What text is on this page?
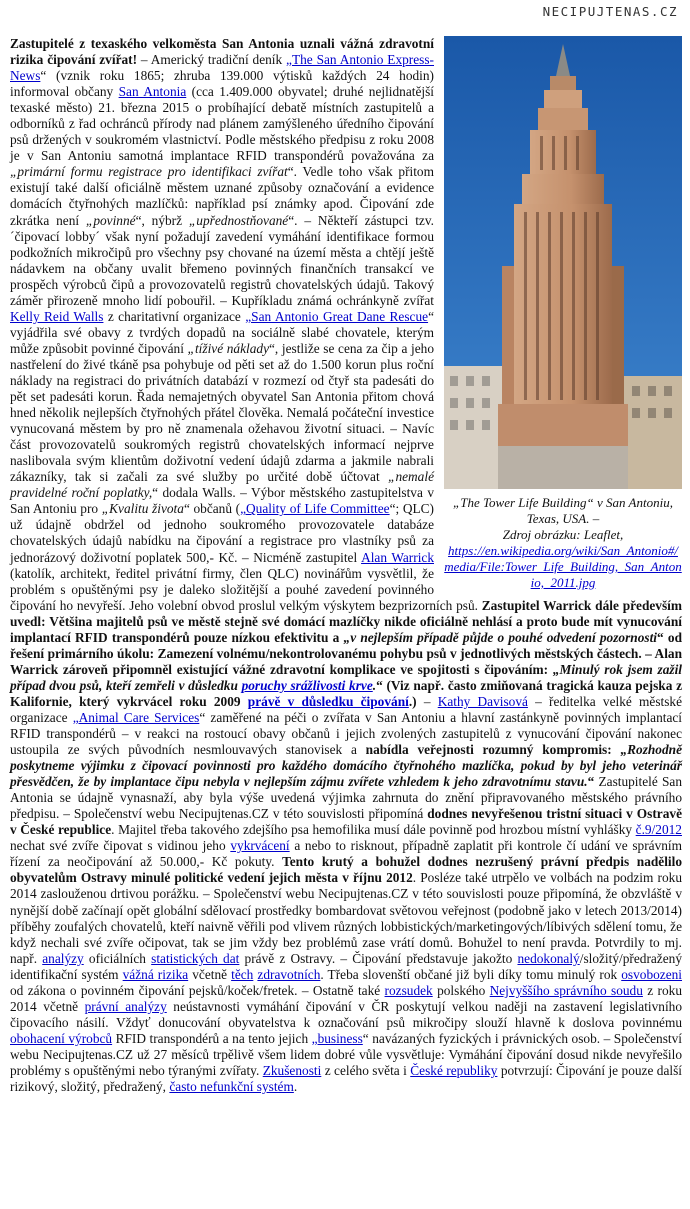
NECIPUJTENAS.CZ
„The Tower Life Building“ v San Antoniu, Texas, USA. –
Zdroj obrázku: Leaflet,
https://en.wikipedia.org/wiki/San_Antonio#/media/File:Tower_Life_Building,_San_Antonio,_2011.jpg

Zastupitelé z texaského velkoměsta San Antonia uznali vážná zdravotní rizika čipování zvířat! – Americký tradiční deník „The San Antonio Express-News“ (vznik roku 1865; zhruba 139.000 výtisků každých 24 hodin) informoval občany San Antonia (cca 1.409.000 obyvatel; druhé nejlidnatější texaské město) 21. března 2015 o probíhající debatě místních zastupitelů a odborníků z řad ochránců přírody nad plánem zamýšleného úředního čipování psů držených v soukromém vlastnictví. Podle městského předpisu z roku 2008 je v San Antoniu samotná implantace RFID transpondérů považována za „primární formu registrace pro identifikaci zvířat“. Vedle toho však přitom existují také další oficiálně městem uznané způsoby označování a evidence domácích čtyřnohých mazlíčků: například psí známky apod. Čipování zde zkrátka není „povinné“, nýbrž „upřednostňované“. – Někteří zástupci tzv. ´čipovací lobby´ však nyní požadují zavedení vymáhání identifikace formou podkožních mikročipů pro všechny psy chované na území města a chtějí ještě nádavkem na občany uvalit břemeno povinných finančních transakcí ve prospěch výrobců čipů a provozovatelů registrů chovatelských údajů. Takový záměr přirozeně mnoho lidí pobouřil. – Kupříkladu známá ochránkyně zvířat Kelly Reid Walls z charitativní organizace „San Antonio Great Dane Rescue“ vyjádřila své obavy z tvrdých dopadů na sociálně slabé chovatele, kterým může způsobit povinné čipování „tíživé náklady“, jestliže se cena za čip a jeho nastřelení do živé tkáně psa pohybuje od pěti set až do 1.500 korun plus roční náklady na registraci do privátních databází v rozmezí od čtyř sta padesáti do pět set padesáti korun. Řada nemajetných obyvatel San Antonia přitom chová hned několik nejlepších čtyřnohých přátel člověka. Nemalá počáteční investice vynucovaná městem by pro ně znamenala ožehavou životní situaci. – Navíc část provozovatelů soukromých registrů chovatelských informací nejprve naslibovala svým klientům doživotní vedení údajů zdarma a jakmile nabrali zákazníky, tak si začali za své služby po určité době účtovat „nemalé pravidelné roční poplatky,“ dodala Walls. – Výbor městského zastupitelstva v San Antoniu pro „Kvalitu života“ občanů („Quality of Life Committee“; QLC) už údajně obdržel od jednoho soukromého provozovatele databáze chovatelských údajů nabídku na čipování a registrace pro vlastníky psů za jednorázový doživotní poplatek 500,- Kč. – Nicméně zastupitel Alan Warrick (katolík, architekt, ředitel privátní firmy, člen QLC) novinářům vysvětlil, že problém s opuštěnými psy je daleko složitější a pouhé zavedení povinného čipování ho nevyřeší. Jeho volební obvod proslul velkým výskytem bezprizorních psů. Zastupitel Warrick dále především uvedl: Většina majitelů psů ve městě stejně své domácí mazlíčky nikde oficiálně nehlásí a proto bude mít vynucování implantací RFID transpondérů pouze nízkou efektivitu a „v nejlepším případě půjde o pouhé odvedení pozornosti“ od řešení primárního úkolu: Zamezení volnému/nekontrolovanému pohybu psů v jednotlivých městských částech. – Alan Warrick zároveň připomněl existující vážné zdravotní komplikace ve spojitosti s čipováním: „Minulý rok jsem zažil případ dvou psů, kteří zemřeli v důsledku poruchy srážlivosti krve.“ (Viz např. často zmiňovaná tragická kauza pejska z Kalifornie, který vykrvácel roku 2009 právě v důsledku čipování.) – Kathy Davisová – ředitelka velké městské organizace „Animal Care Services“ zaměřené na péči o zvířata v San Antoniu a hlavní zastánkyně povinných implantací RFID transpondérů – v reakci na rostoucí obavy občanů i jejich zvolených zastupitelů z vynucování čipování nakonec ustoupila ze svých původních nesmlouvavých stanovisek a nabídla veřejnosti rozumný kompromis: „Rozhodně poskytneme výjimku z čipovací povinnosti pro každého domácího čtyřnohého mazlíčka, pokud by byl jeho veterinář přesvědčen, že by implantace čipu nebyla v nejlepším zájmu zvířete vzhledem k jeho zdravotnímu stavu.“ Zastupitelé San Antonia se údajně vynasnaží, aby byla výše uvedená výjimka zahrnuta do znění připravovaného městského právního předpisu. – Společenství webu Necipujtenas.CZ v této souvislosti připomíná dodnes nevyřešenou tristní situaci v Ostravě v České republice. Majitel třeba takového zdejšího psa hemofilika musí dále povinně pod hrozbou místní vyhlášky č.9/2012 nechat své zvíře čipovat s vidinou jeho vykrvácení a nebo to risknout, případně zaplatit při kontrole čí udání ve správním řízení za neočipování až 50.000,- Kč pokuty. Tento krutý a bohužel dodnes nezrušený právní předpis nadělilo obyvatelům Ostravy minulé politické vedení jejich města v říjnu 2012. Posléze také utrpělo ve volbách na podzim roku 2014 zaslouženou drtivou porážku. – Společenství webu Necipujtenas.CZ v této souvislosti pouze připomíná, že obzvláště v nynější době začínají opět globální sdělovací prostředky bombardovat světovou veřejnost (podobně jako v letech 2013/2014) příběhy zoufalých chovatelů, kteří naivně věřili pod vlivem různých lobbistických/marketingových/líbivých sdělení tomu, že když nechali své zvíře očipovat, tak se jim vždy bez problémů zase vrátí domů. Bohužel to není pravda. Potvrdily to mj. např. analýzy oficiálních statistických dat právě z Ostravy. – Čipování představuje jakožto nedokonalý/složitý/předražený identifikační systém vážná rizika včetně těch zdravotních. Třeba slovenští občané již byli díky tomu minulý rok osvobozeni od zákona o povinném čipování pejsků/koček/fretek. – Ostatně také rozsudek polského Nejvyššího správního soudu z roku 2014 včetně právní analýzy neústavnosti vymáhání čipování v ČR poskytují velkou naději na zastavení legislativního čipovacího násilí. Vždyť donucování obyvatelstva k označování psů mikročipy slouží hlavně k doslova povinnému obohacení výrobců RFID transpondérů a na tento jejich „business“ navázaných fyzických i právnických osob. – Společenství webu Necipujtenas.CZ už 27 měsíců trpělivě všem lidem dobré vůle vysvětluje: Vymáhání čipování dosud nikde nevyřešilo problémy s opuštěnými nebo týranými zvířaty. Zkušenosti z celého světa i České republiky potvrzují: Čipování je pouze další rizikový, složitý, předražený, často nefunkční systém.
